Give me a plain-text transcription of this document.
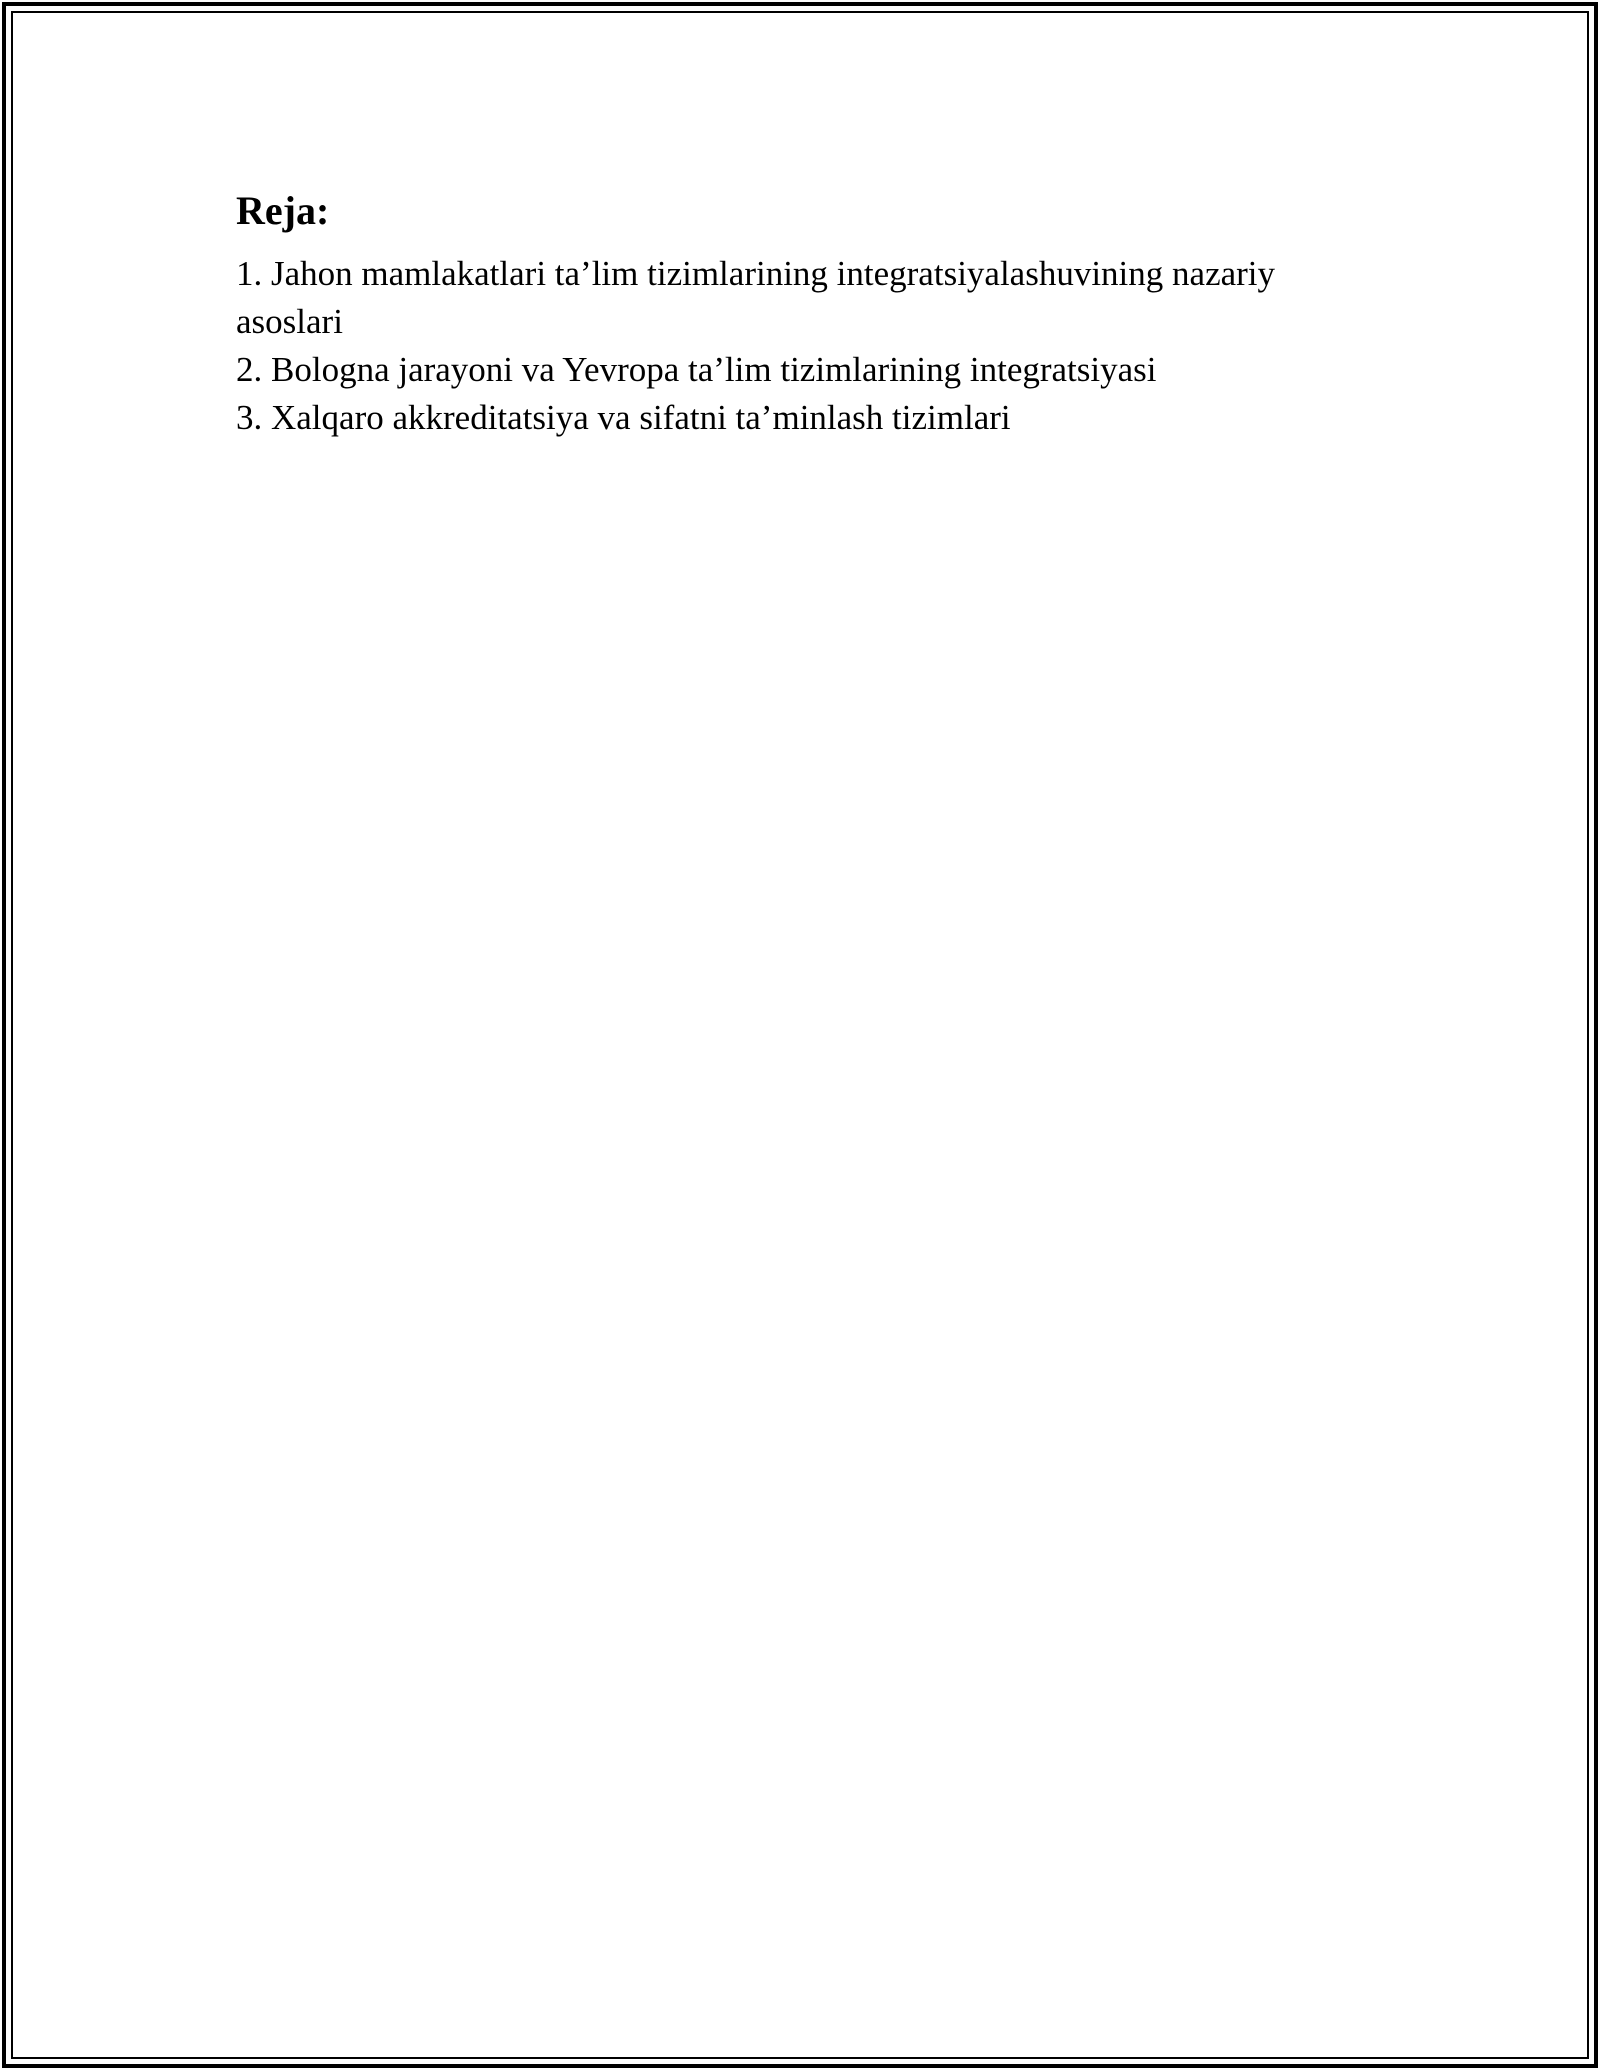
Reja:
1. Jahon mamlakatlari ta’lim tizimlarining integratsiyalashuvining nazariy asoslari
2. Bologna jarayoni va Yevropa ta’lim tizimlarining integratsiyasi
3. Xalqaro akkreditatsiya va sifatni ta’minlash tizimlari
